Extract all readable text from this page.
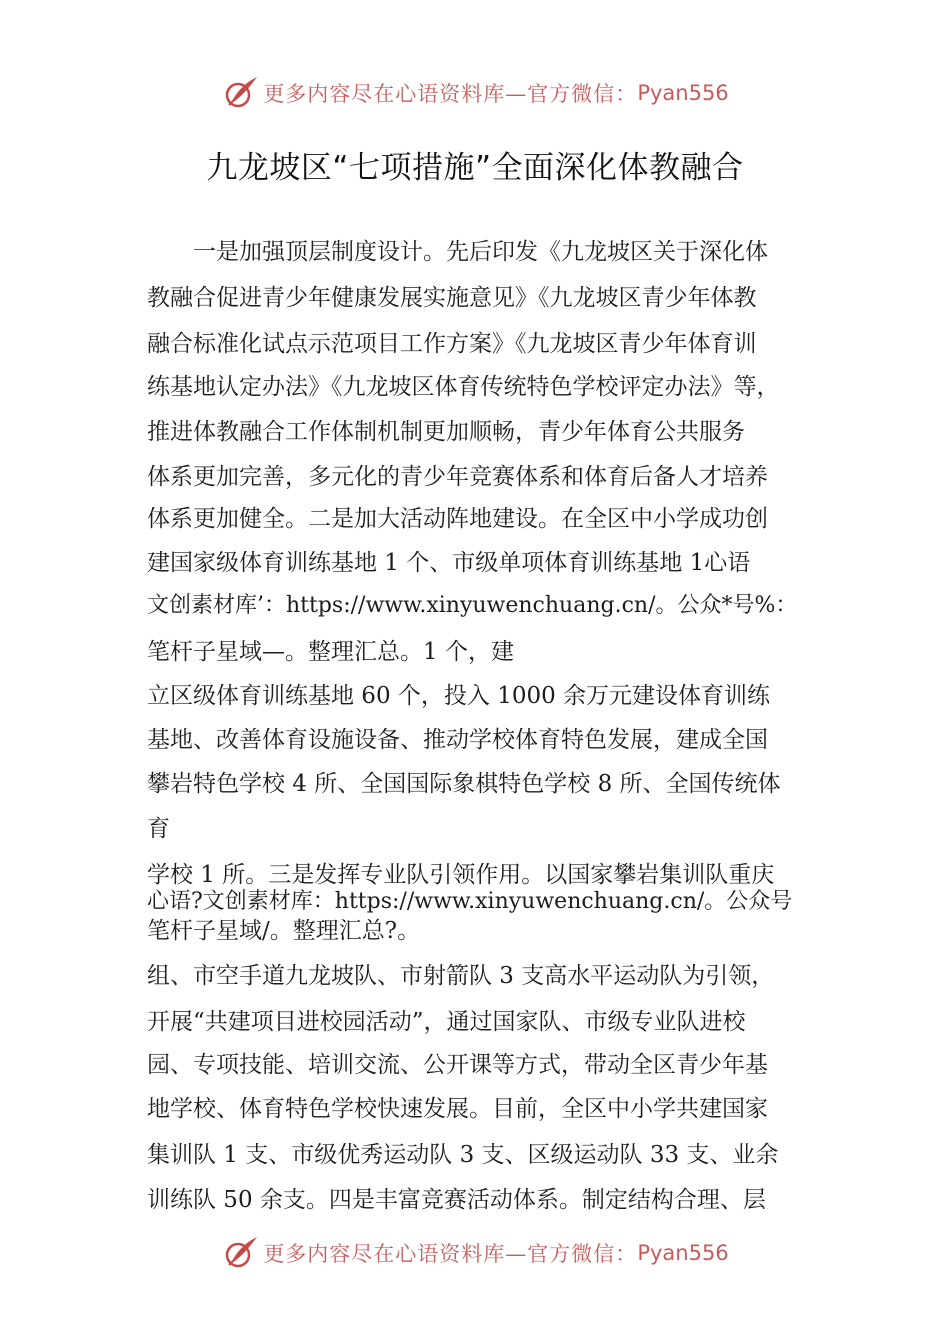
更多内容尽在心语资料库—官方微信： Pyan556
九龙坡区“七项措施”全面深化体教融合
　　一是加强顶层制度设计。先后印发《九龙坡区关于深化体
教融合促进青少年健康发展实施意见》《九龙坡区青少年体教
融合标准化试点示范项目工作方案》《九龙坡区青少年体育训
练基地认定办法》《九龙坡区体育传统特色学校评定办法》等，
推进体教融合工作体制机制更加顺畅，青少年体育公共服务
体系更加完善，多元化的青少年竞赛体系和体育后备人才培养
体系更加健全。二是加大活动阵地建设。在全区中小学成功创
建国家级体育训练基地 1 个、市级单项体育训练基地 1心语
文创素材库’：https://www.xinyuwenchuang.cn/。公众*号%：
笔杆子星域—。整理汇总。1 个，建
立区级体育训练基地 60 个，投入 1000 余万元建设体育训练
基地、改善体育设施设备、推动学校体育特色发展，建成全国
攀岩特色学校 4 所、全国国际象棋特色学校 8 所、全国传统体
育
学校 1 所。三是发挥专业队引领作用。以国家攀岩集训队重庆
心语?文创素材库：https://www.xinyuwenchuang.cn/。公众号
笔杆子星域/。整理汇总?。
组、市空手道九龙坡队、市射箭队 3 支高水平运动队为引领，
开展“共建项目进校园活动”，通过国家队、市级专业队进校
园、专项技能、培训交流、公开课等方式，带动全区青少年基
地学校、体育特色学校快速发展。目前，全区中小学共建国家
集训队 1 支、市级优秀运动队 3 支、区级运动队 33 支、业余
训练队 50 余支。四是丰富竞赛活动体系。制定结构合理、层
更多内容尽在心语资料库—官方微信： Pyan556
